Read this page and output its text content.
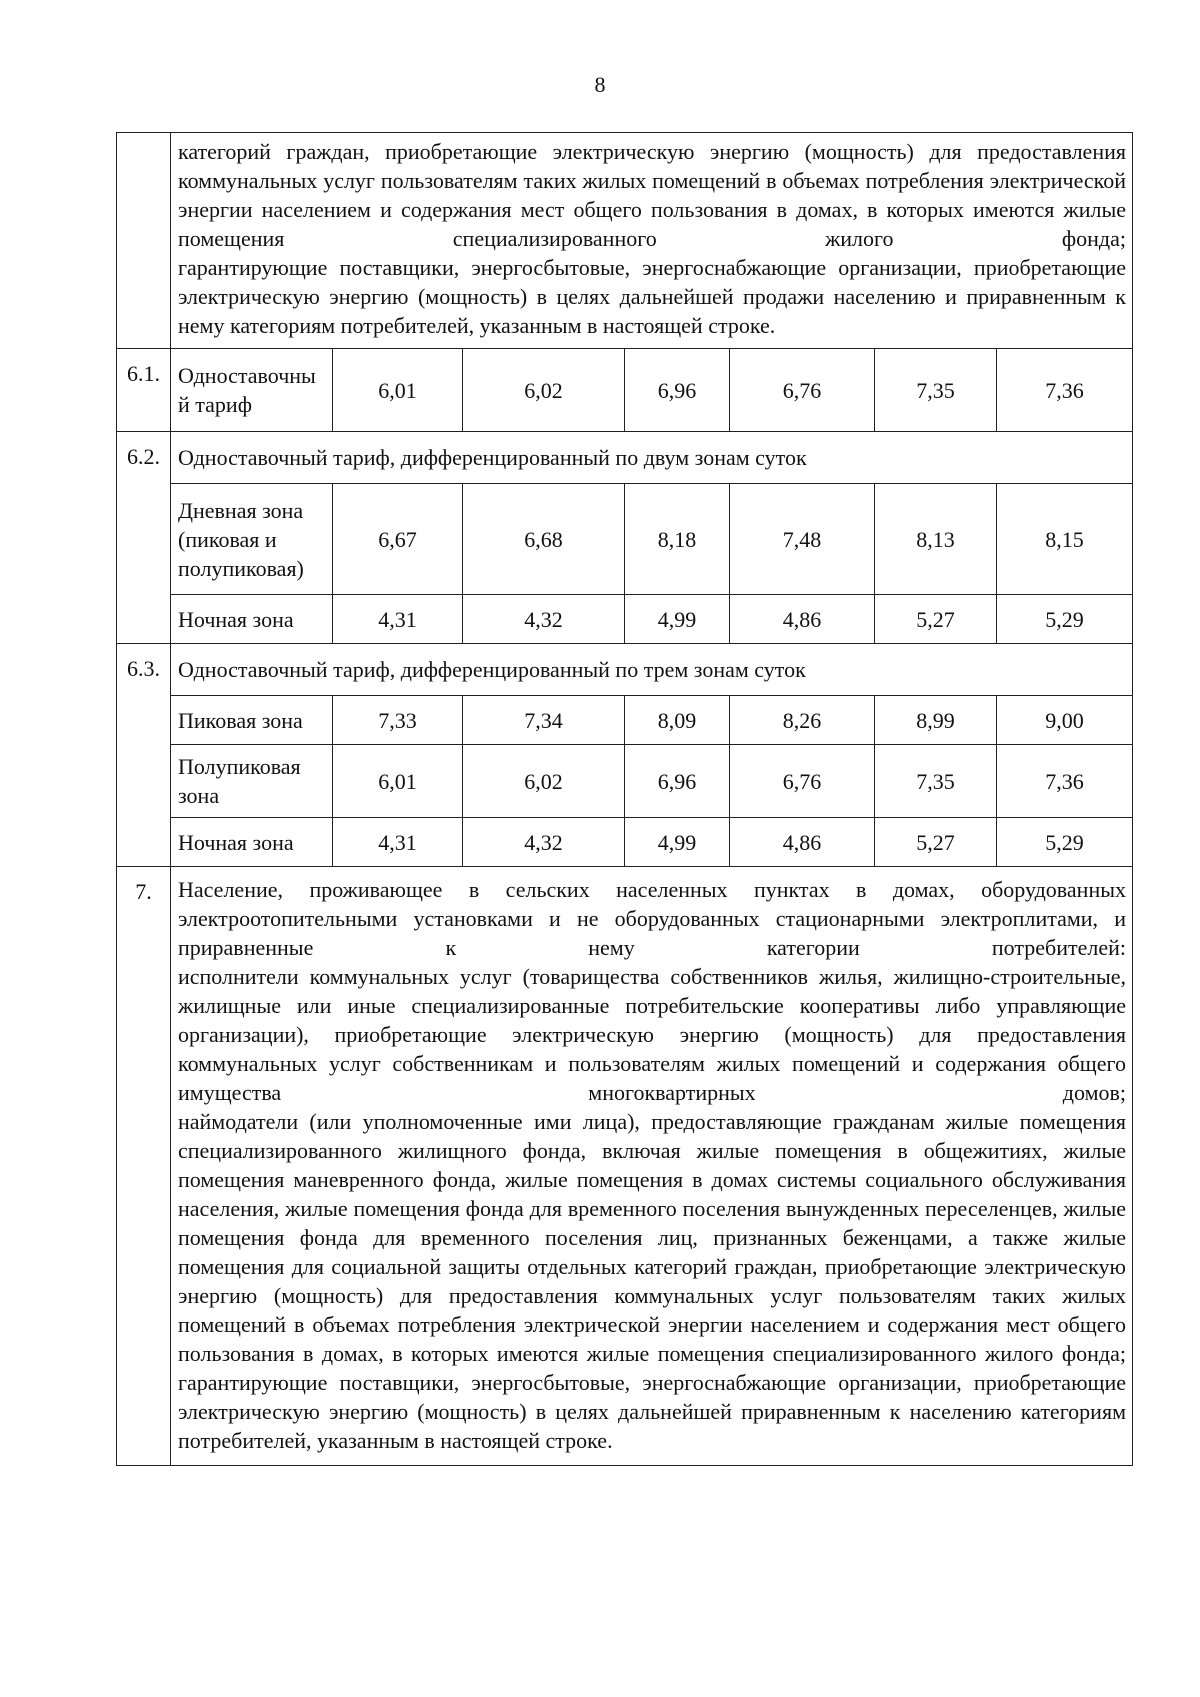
8

	категорий граждан, приобретающие электрическую энергию (мощность) для предоставления коммунальных услуг пользователям таких жилых помещений в объемах потребления электрической энергии населением и содержания мест общего пользования в домах, в которых имеются жилые помещения специализированного жилого фонда;
гарантирующие поставщики, энергосбытовые, энергоснабжающие организации, приобретающие электрическую энергию (мощность) в целях дальнейшей продажи населению и приравненным к нему категориям потребителей, указанным в настоящей строке.						

6.1.	Одноставочный тариф	6,01	6,02	6,96	6,76	7,35	7,36
6.2.	Одноставочный тариф, дифференцированный по двум зонам суток						
	Дневная зона (пиковая и полупиковая)	6,67	6,68	8,18	7,48	8,13	8,15
	Ночная зона	4,31	4,32	4,99	4,86	5,27	5,29
6.3.	Одноставочный тариф, дифференцированный по трем зонам суток						
	Пиковая зона	7,33	7,34	8,09	8,26	8,99	9,00
	Полупиковая зона	6,01	6,02	6,96	6,76	7,35	7,36
	Ночная зона	4,31	4,32	4,99	4,86	5,27	5,29
7.	Население, проживающее в сельских населенных пунктах в домах, оборудованных электроотопительными установками и не оборудованных стационарными электроплитами, и приравненные к нему категории потребителей:
исполнители коммунальных услуг (товарищества собственников жилья, жилищно-строительные, жилищные или иные специализированные потребительские кооперативы либо управляющие организации), приобретающие электрическую энергию (мощность) для предоставления коммунальных услуг собственникам и пользователям жилых помещений и содержания общего имущества многоквартирных домов;
наймодатели (или уполномоченные ими лица), предоставляющие гражданам жилые помещения специализированного жилищного фонда, включая жилые помещения в общежитиях, жилые помещения маневренного фонда, жилые помещения в домах системы социального обслуживания населения, жилые помещения фонда для временного поселения вынужденных переселенцев, жилые помещения фонда для временного поселения лиц, признанных беженцами, а также жилые помещения для социальной защиты отдельных категорий граждан, приобретающие электрическую энергию (мощность) для предоставления коммунальных услуг пользователям таких жилых помещений в объемах потребления электрической энергии населением и содержания мест общего пользования в домах, в которых имеются жилые помещения специализированного жилого фонда;
гарантирующие поставщики, энергосбытовые, энергоснабжающие организации, приобретающие электрическую энергию (мощность) в целях дальнейшей приравненным к населению категориям потребителей, указанным в настоящей строке.						
